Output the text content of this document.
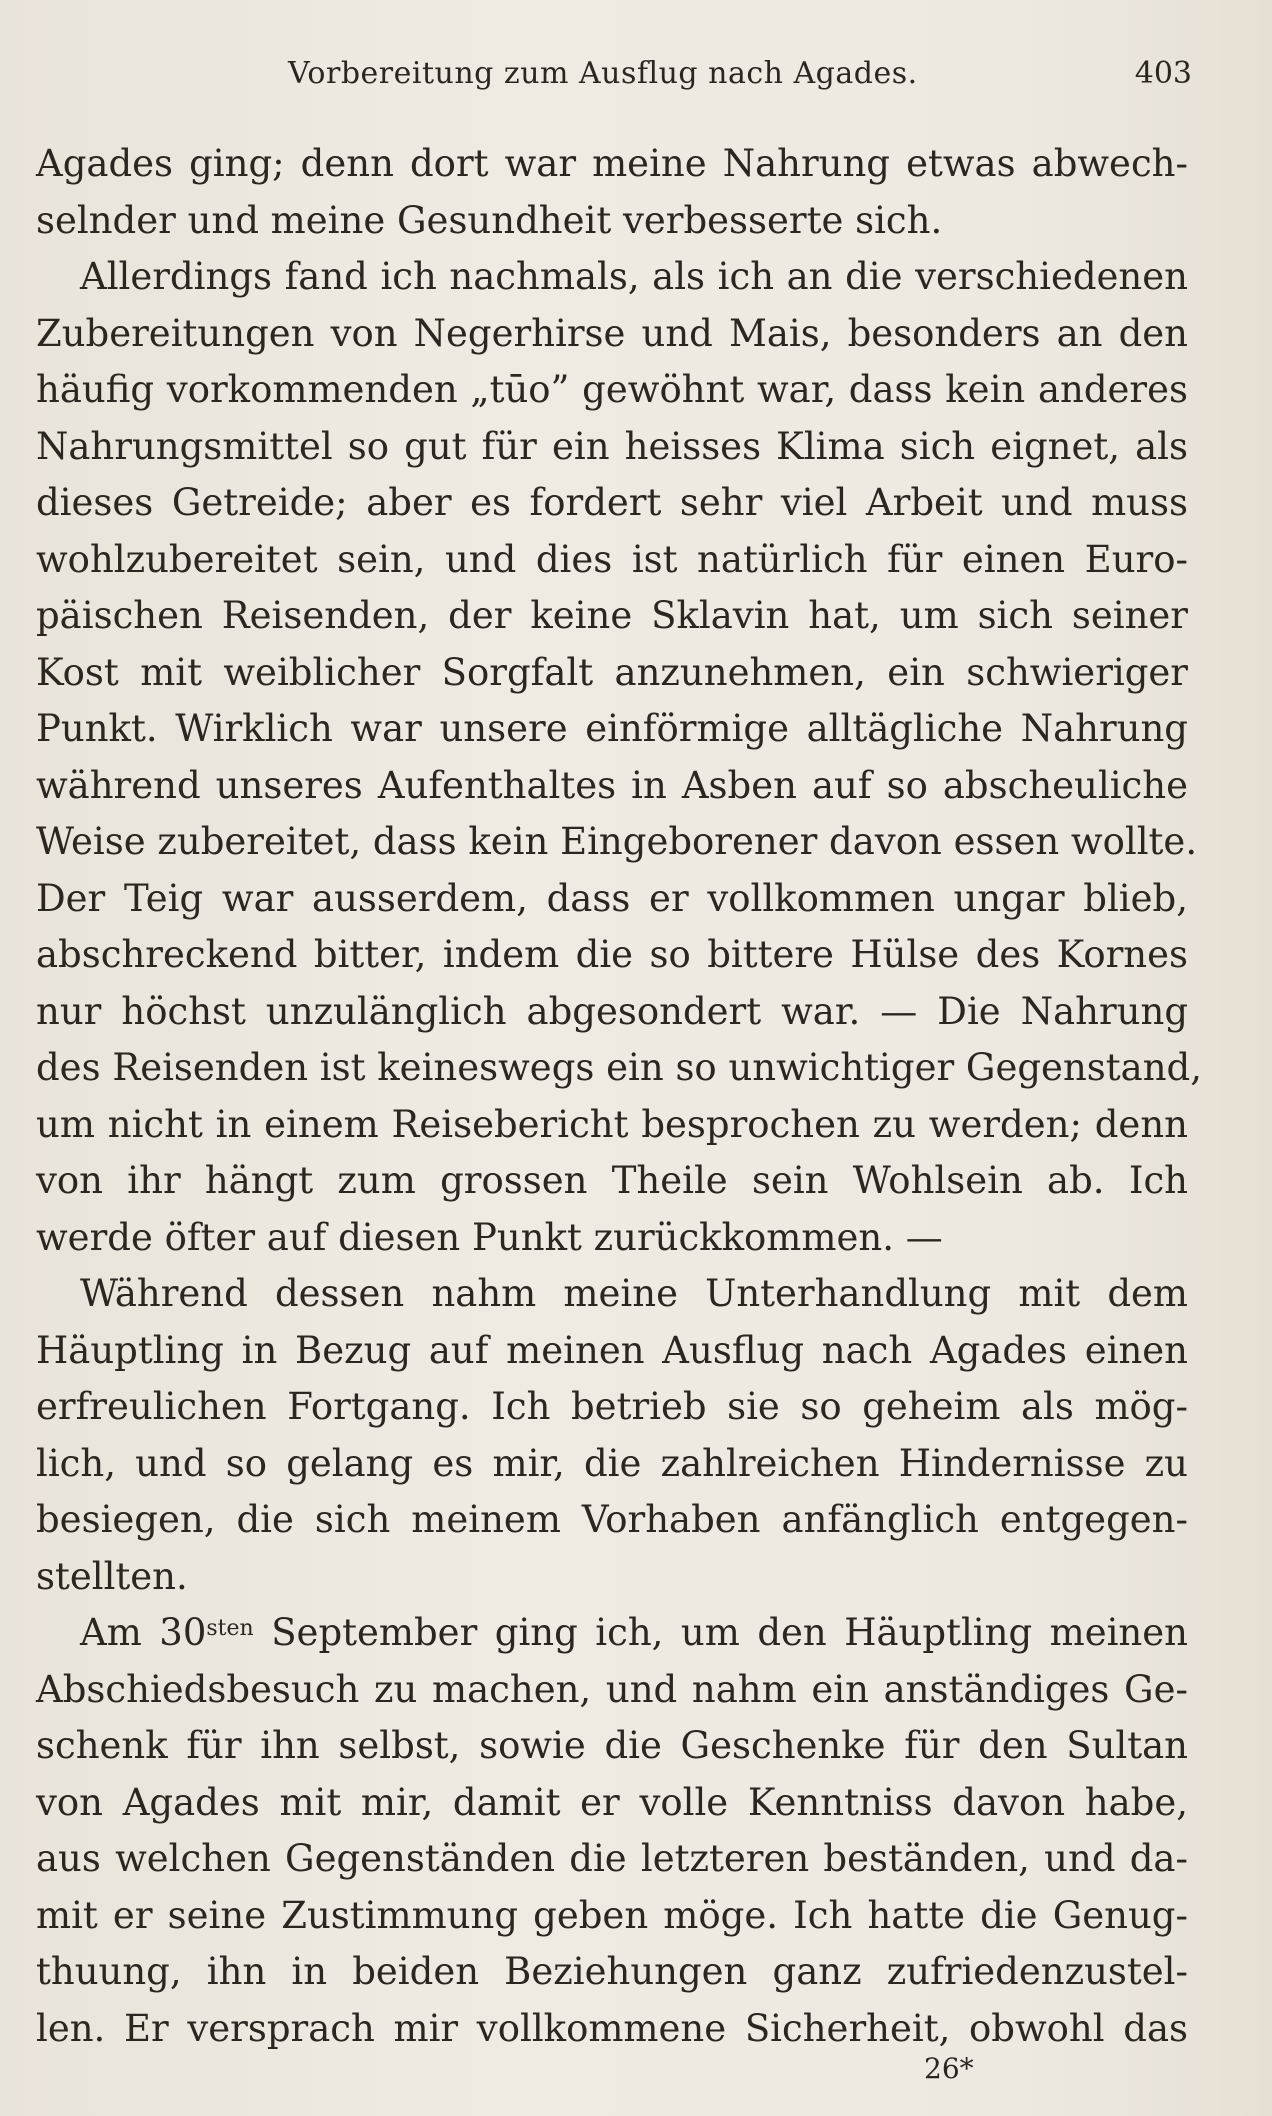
Vorbereitung zum Ausflug nach Agades.	403
Agades ging; denn dort war meine Nahrung etwas abwech-
selnder und meine Gesundheit verbesserte sich.
Allerdings fand ich nachmals, als ich an die verschiedenen
Zubereitungen von Negerhirse und Mais, besonders an den
häufig vorkommenden „tūo” gewöhnt war, dass kein anderes
Nahrungsmittel so gut für ein heisses Klima sich eignet, als
dieses Getreide; aber es fordert sehr viel Arbeit und muss
wohlzubereitet sein, und dies ist natürlich für einen Euro-
päischen Reisenden, der keine Sklavin hat, um sich seiner
Kost mit weiblicher Sorgfalt anzunehmen, ein schwieriger
Punkt. Wirklich war unsere einförmige alltägliche Nahrung
während unseres Aufenthaltes in Asben auf so abscheuliche
Weise zubereitet, dass kein Eingeborener davon essen wollte.
Der Teig war ausserdem, dass er vollkommen ungar blieb,
abschreckend bitter, indem die so bittere Hülse des Kornes
nur höchst unzulänglich abgesondert war. — Die Nahrung
des Reisenden ist keineswegs ein so unwichtiger Gegenstand,
um nicht in einem Reisebericht besprochen zu werden; denn
von ihr hängt zum grossen Theile sein Wohlsein ab. Ich
werde öfter auf diesen Punkt zurückkommen. —
Während dessen nahm meine Unterhandlung mit dem
Häuptling in Bezug auf meinen Ausflug nach Agades einen
erfreulichen Fortgang. Ich betrieb sie so geheim als mög-
lich, und so gelang es mir, die zahlreichen Hindernisse zu
besiegen, die sich meinem Vorhaben anfänglich entgegen-
stellten.
Am $30^{sten}$ September ging ich, um den Häuptling meinen
Abschiedsbesuch zu machen, und nahm ein anständiges Ge-
schenk für ihn selbst, sowie die Geschenke für den Sultan
von Agades mit mir, damit er volle Kenntniss davon habe,
aus welchen Gegenständen die letzteren beständen, und da-
mit er seine Zustimmung geben möge. Ich hatte die Genug-
thuung, ihn in beiden Beziehungen ganz zufriedenzustel-
len. Er versprach mir vollkommene Sicherheit, obwohl das
26*
